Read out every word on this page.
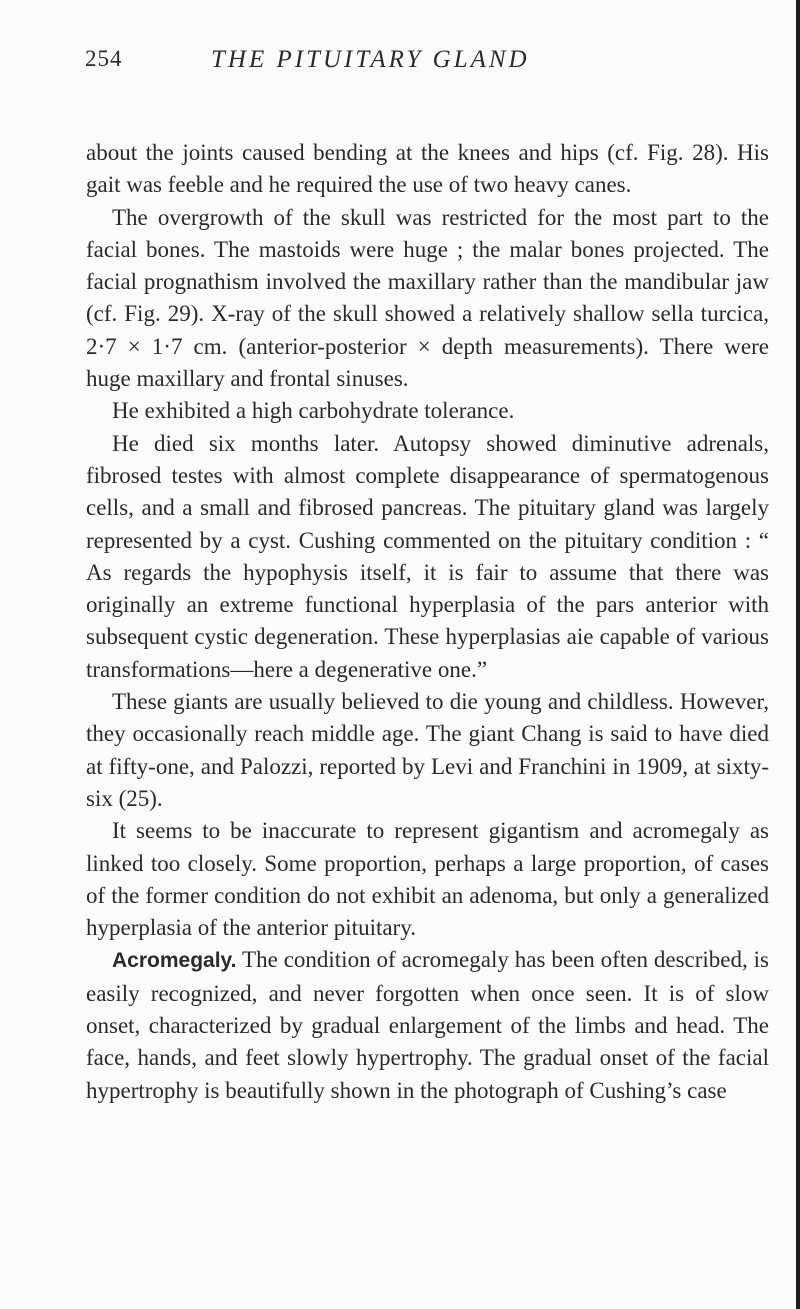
254	THE PITUITARY GLAND

about the joints caused bending at the knees and hips (cf. Fig. 28). His gait was feeble and he required the use of two heavy canes.

The overgrowth of the skull was restricted for the most part to the facial bones. The mastoids were huge ; the malar bones projected. The facial prognathism involved the maxillary rather than the mandibular jaw (cf. Fig. 29). X-ray of the skull showed a relatively shallow sella turcica, 2·7 × 1·7 cm. (anterior-posterior × depth measurements). There were huge maxillary and frontal sinuses.

He exhibited a high carbohydrate tolerance.

He died six months later. Autopsy showed diminutive adrenals, fibrosed testes with almost complete disappearance of spermatogenous cells, and a small and fibrosed pancreas. The pituitary gland was largely represented by a cyst. Cushing commented on the pituitary condition : “ As regards the hypophysis itself, it is fair to assume that there was originally an extreme functional hyperplasia of the pars anterior with subsequent cystic degeneration. These hyperplasias aie capable of various transformations—here a degenerative one.”

These giants are usually believed to die young and childless. However, they occasionally reach middle age. The giant Chang is said to have died at fifty-one, and Palozzi, reported by Levi and Franchini in 1909, at sixty-six (25).

It seems to be inaccurate to represent gigantism and acromegaly as linked too closely. Some proportion, perhaps a large proportion, of cases of the former condition do not exhibit an adenoma, but only a generalized hyperplasia of the anterior pituitary.

Acromegaly. The condition of acromegaly has been often described, is easily recognized, and never forgotten when once seen. It is of slow onset, characterized by gradual enlargement of the limbs and head. The face, hands, and feet slowly hypertrophy. The gradual onset of the facial hypertrophy is beautifully shown in the photograph of Cushing’s case
